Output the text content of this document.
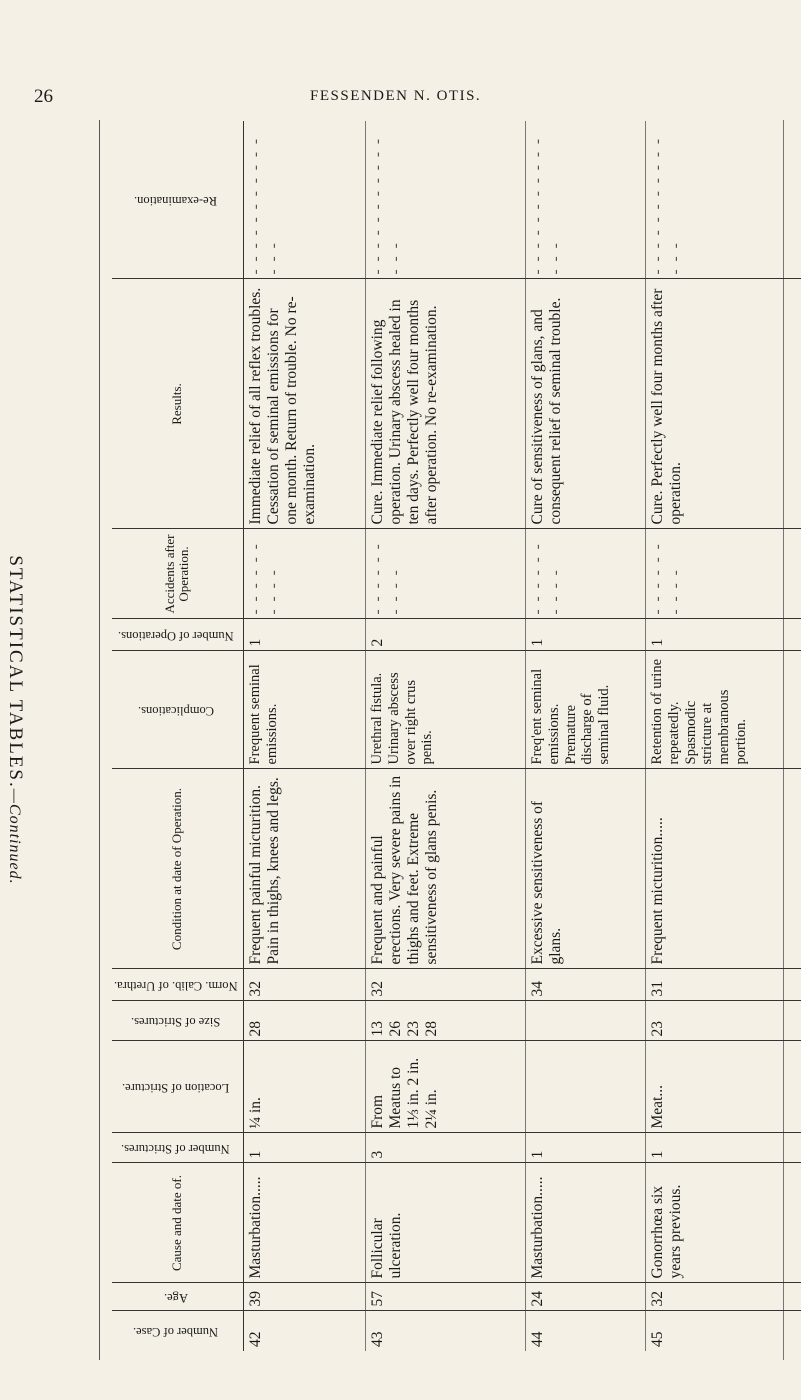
26	FESSENDEN N. OTIS.
STATISTICAL TABLES.—Continued.
Number of Case.	Age.	Cause and date of.	Number of Strictures.	Location of Stricture.	Size of Strictures.	Norm. Calib. of Urethra.	Condition at date of Operation.	Complications.	Number of Operations.	Accidents after Operation.	Results.	Re-examination.
42	39	Masturbation.....	1	¼ in.	28	32	Frequent painful micturition. Pain in thighs, knees and legs.	Frequent seminal emissions.	1	- - - - - - - - - -	Immediate relief of all reflex troubles. Cessation of seminal emissions for one month. Return of trouble. No re-examination.	- - - - - - - - - - - - - -
43	57	Follicular ulceration.	3	From Meatus to 1⅓ in. 2 in. 2¼ in.	13 26 23 28	32	Frequent and painful erections. Very severe pains in thighs and feet. Extreme sensitiveness of glans penis.	Urethral fistula. Urinary abscess over right crus penis.	2	- - - - - - - - - -	Cure. Immediate relief following operation. Urinary abscess healed in ten days. Perfectly well four months after operation. No re-examination.	- - - - - - - - - - - - - -
44	24	Masturbation.....	1			34	Excessive sensitiveness of glans.	Freq'ent seminal emissions. Premature discharge of seminal fluid.	1	- - - - - - - - - -	Cure of sensitiveness of glans, and consequent relief of seminal trouble.	- - - - - - - - - - - - - -
45	32	Gonorrhœa six years previous.	1	Meat...	23	31	Frequent micturition.....	Retention of urine repeatedly. Spasmodic stricture at membranous portion.	1	- - - - - - - - - -	Cure. Perfectly well four months after operation.	- - - - - - - - - - - - - -
